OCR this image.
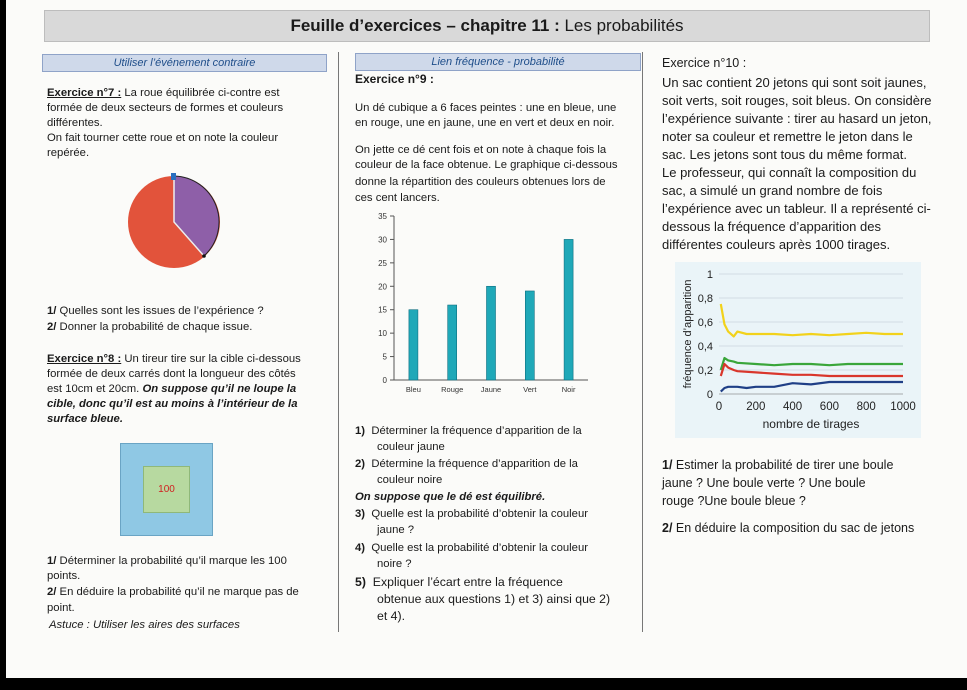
Feuille d’exercices – chapitre 11 : Les probabilités
Utiliser l’événement contraire
Exercice n°7 : La roue équilibrée ci-contre est
formée de deux secteurs de formes et couleurs
différentes.
On fait tourner cette roue et on note la couleur
repérée.
1/ Quelles sont les issues de l’expérience ?
2/ Donner la probabilité de chaque issue.
Exercice n°8 : Un tireur tire sur la cible ci-dessous
formée de deux carrés dont la longueur des côtés
est 10cm et 20cm. On suppose qu’il ne loupe la
cible, donc qu’il est au moins à l’intérieur de la
surface bleue.
100
1/ Déterminer la probabilité qu’il marque les 100
points.
2/ En déduire la probabilité qu’il ne marque pas de
point.
Astuce : Utiliser les aires des surfaces
Lien fréquence - probabilité
Exercice n°9 :
Un dé cubique a 6 faces peintes : une en bleue, une
en rouge, une en jaune, une en vert et deux en noir.
On jette ce dé cent fois et on note à chaque fois la
couleur de la face obtenue. Le graphique ci-dessous
donne la répartition des couleurs obtenues lors de
ces cent lancers.
0
5
10
15
20
25
30
35
Bleu	Rouge Jaune	Vert	Noir
1) Déterminer la fréquence d’apparition de la
couleur jaune
2) Détermine la fréquence d’apparition de la
couleur noire
On suppose que le dé est équilibré.
3) Quelle est la probabilité d’obtenir la couleur
jaune ?
4) Quelle est la probabilité d’obtenir la couleur
noire ?
5) Expliquer l’écart entre la fréquence
obtenue aux questions 1) et 3) ainsi que 2)
et 4).
Exercice n°10 :
Un sac contient 20 jetons qui sont soit jaunes,
soit verts, soit rouges, soit bleus. On considère
l’expérience suivante : tirer au hasard un jeton,
noter sa couleur et remettre le jeton dans le
sac. Les jetons sont tous du même format.
Le professeur, qui connaît la composition du
sac, a simulé un grand nombre de fois
l’expérience avec un tableur. Il a représenté ci-
dessous la fréquence d’apparition des
différentes couleurs après 1000 tirages.
0
0,2
0,4
0,6
0,8
1
0 200 400 600 800 1000
nombre de tirages
fréquence d’apparition
1/ Estimer la probabilité de tirer une boule
jaune ? Une boule verte ? Une boule
rouge ?Une boule bleue ?
2/ En déduire la composition du sac de jetons
